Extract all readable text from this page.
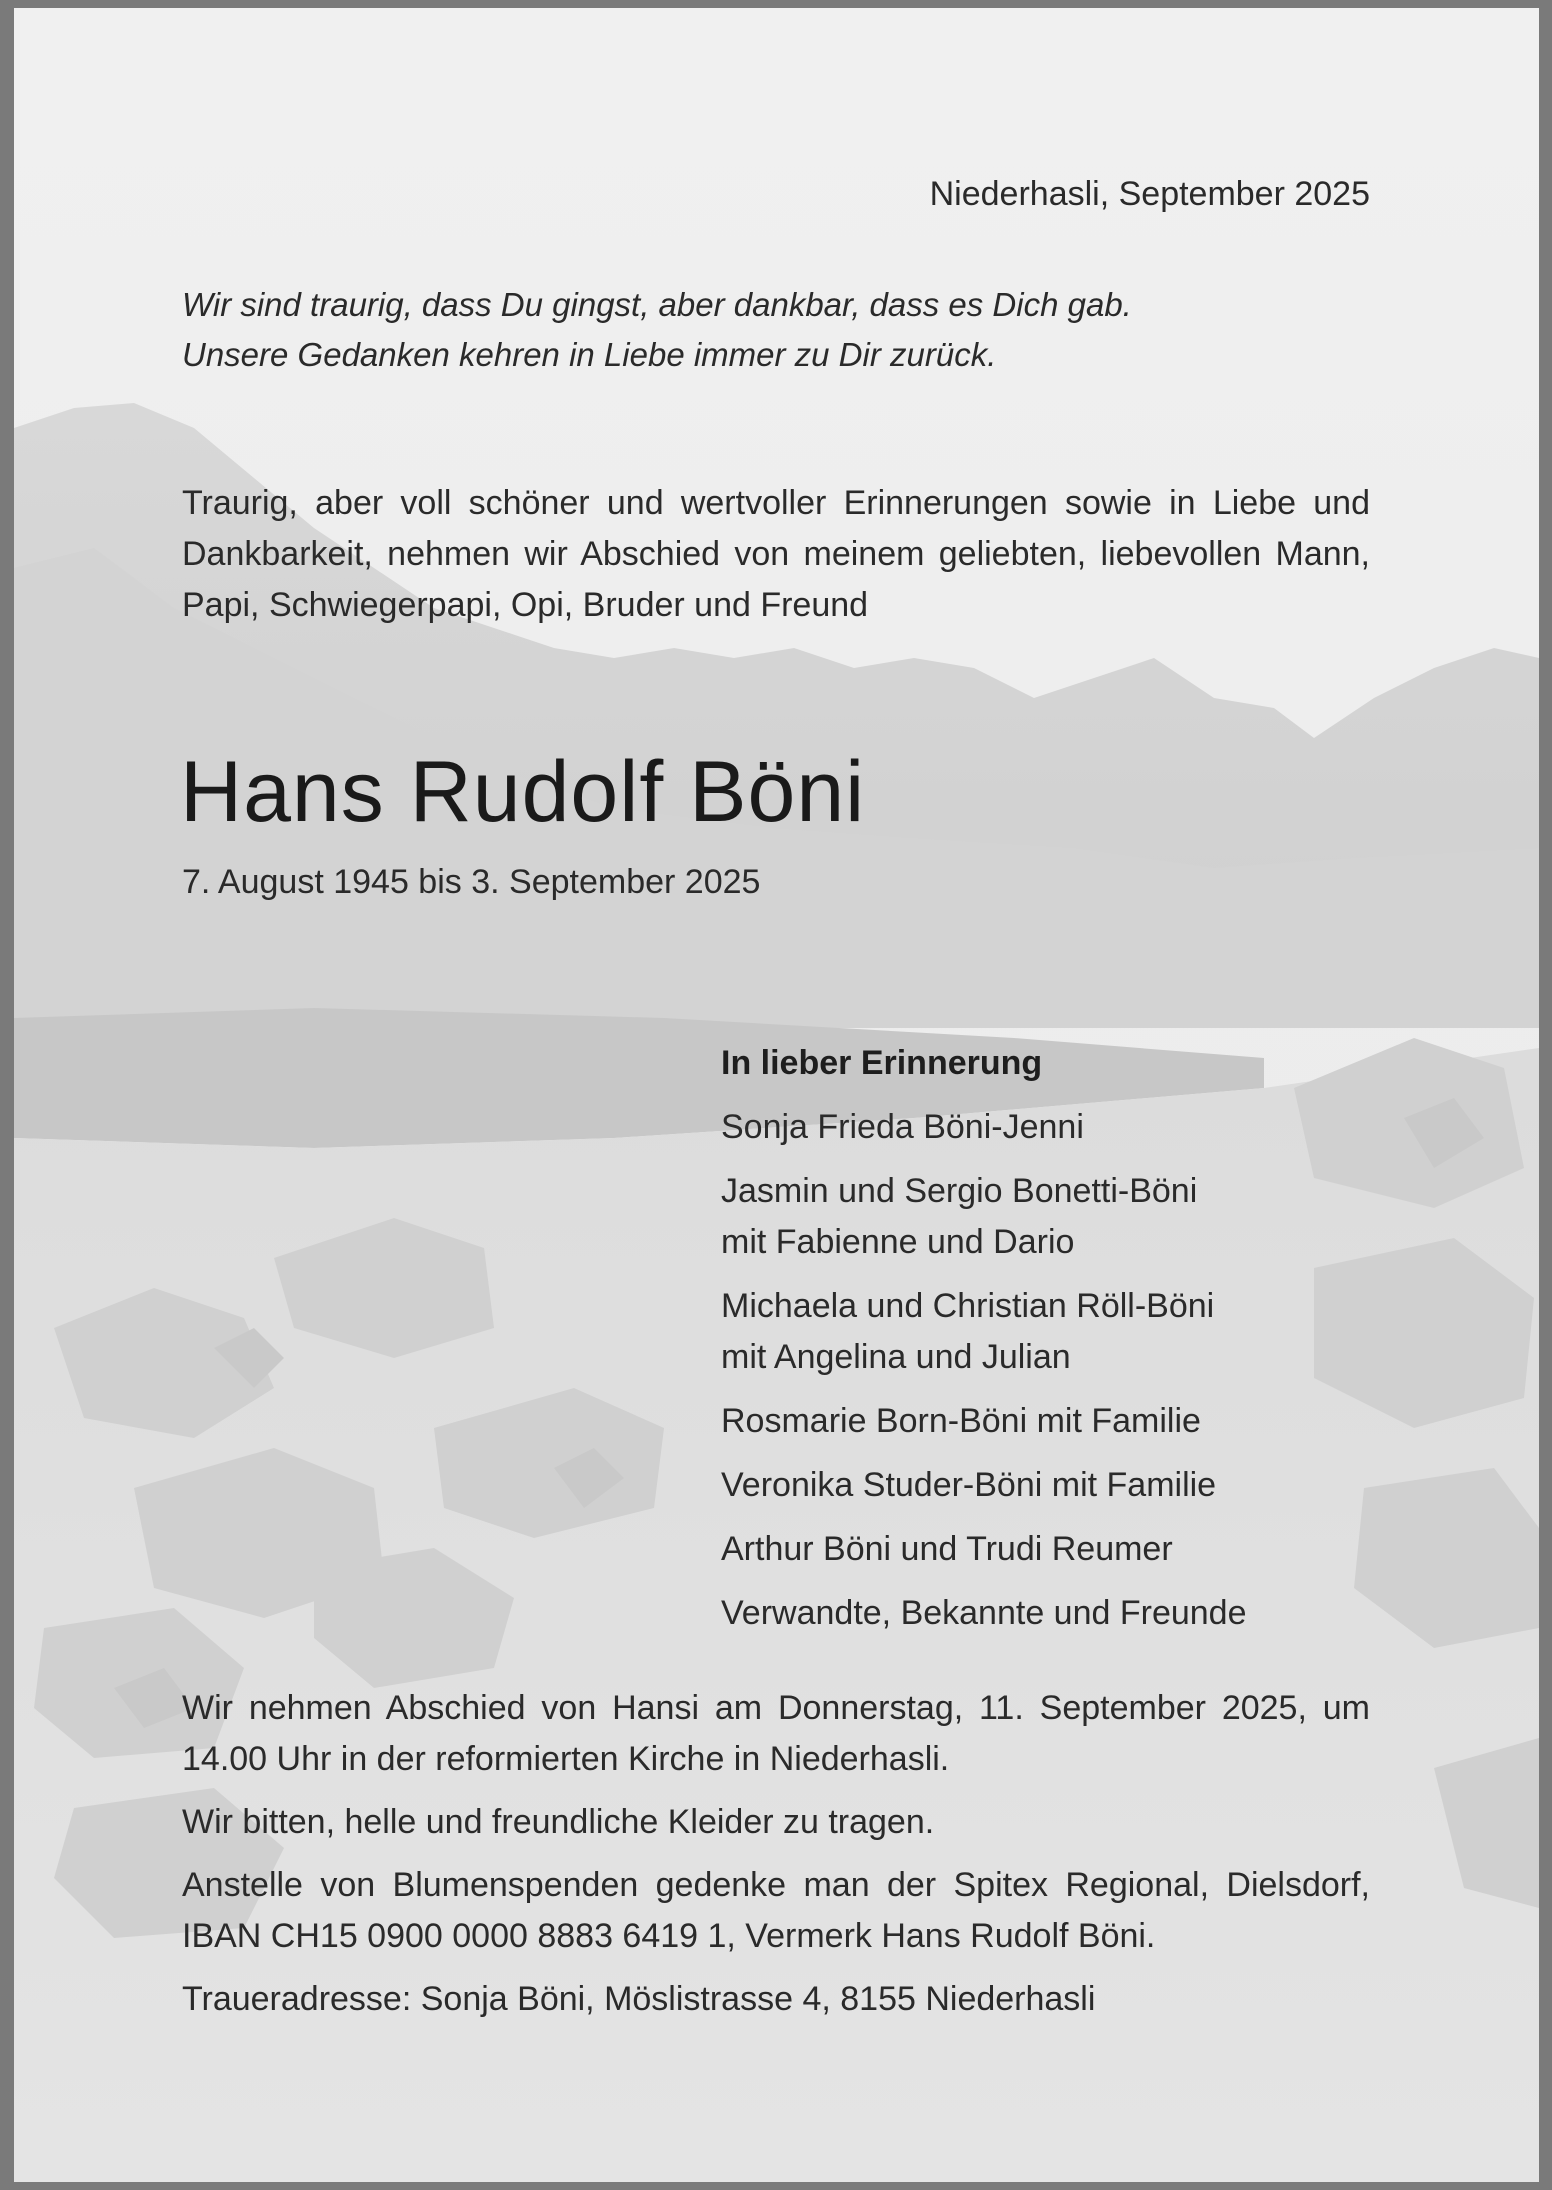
Niederhasli, September 2025
Wir sind traurig, dass Du gingst, aber dankbar, dass es Dich gab.
Unsere Gedanken kehren in Liebe immer zu Dir zurück.
Traurig, aber voll schöner und wertvoller Erinnerungen sowie in Liebe und Dankbarkeit, nehmen wir Abschied von meinem geliebten, liebevollen Mann, Papi, Schwiegerpapi, Opi, Bruder und Freund
Hans Rudolf Böni
7. August 1945 bis 3. September 2025
In lieber Erinnerung
Sonja Frieda Böni-Jenni
Jasmin und Sergio Bonetti-Böni
mit Fabienne und Dario
Michaela und Christian Röll-Böni
mit Angelina und Julian
Rosmarie Born-Böni mit Familie
Veronika Studer-Böni mit Familie
Arthur Böni und Trudi Reumer
Verwandte, Bekannte und Freunde

Wir nehmen Abschied von Hansi am Donnerstag, 11. September 2025, um 14.00 Uhr in der reformierten Kirche in Niederhasli.

Wir bitten, helle und freundliche Kleider zu tragen.

Anstelle von Blumenspenden gedenke man der Spitex Regional, Dielsdorf, IBAN CH15 0900 0000 8883 6419 1, Vermerk Hans Rudolf Böni.

Traueradresse: Sonja Böni, Möslistrasse 4, 8155 Niederhasli
